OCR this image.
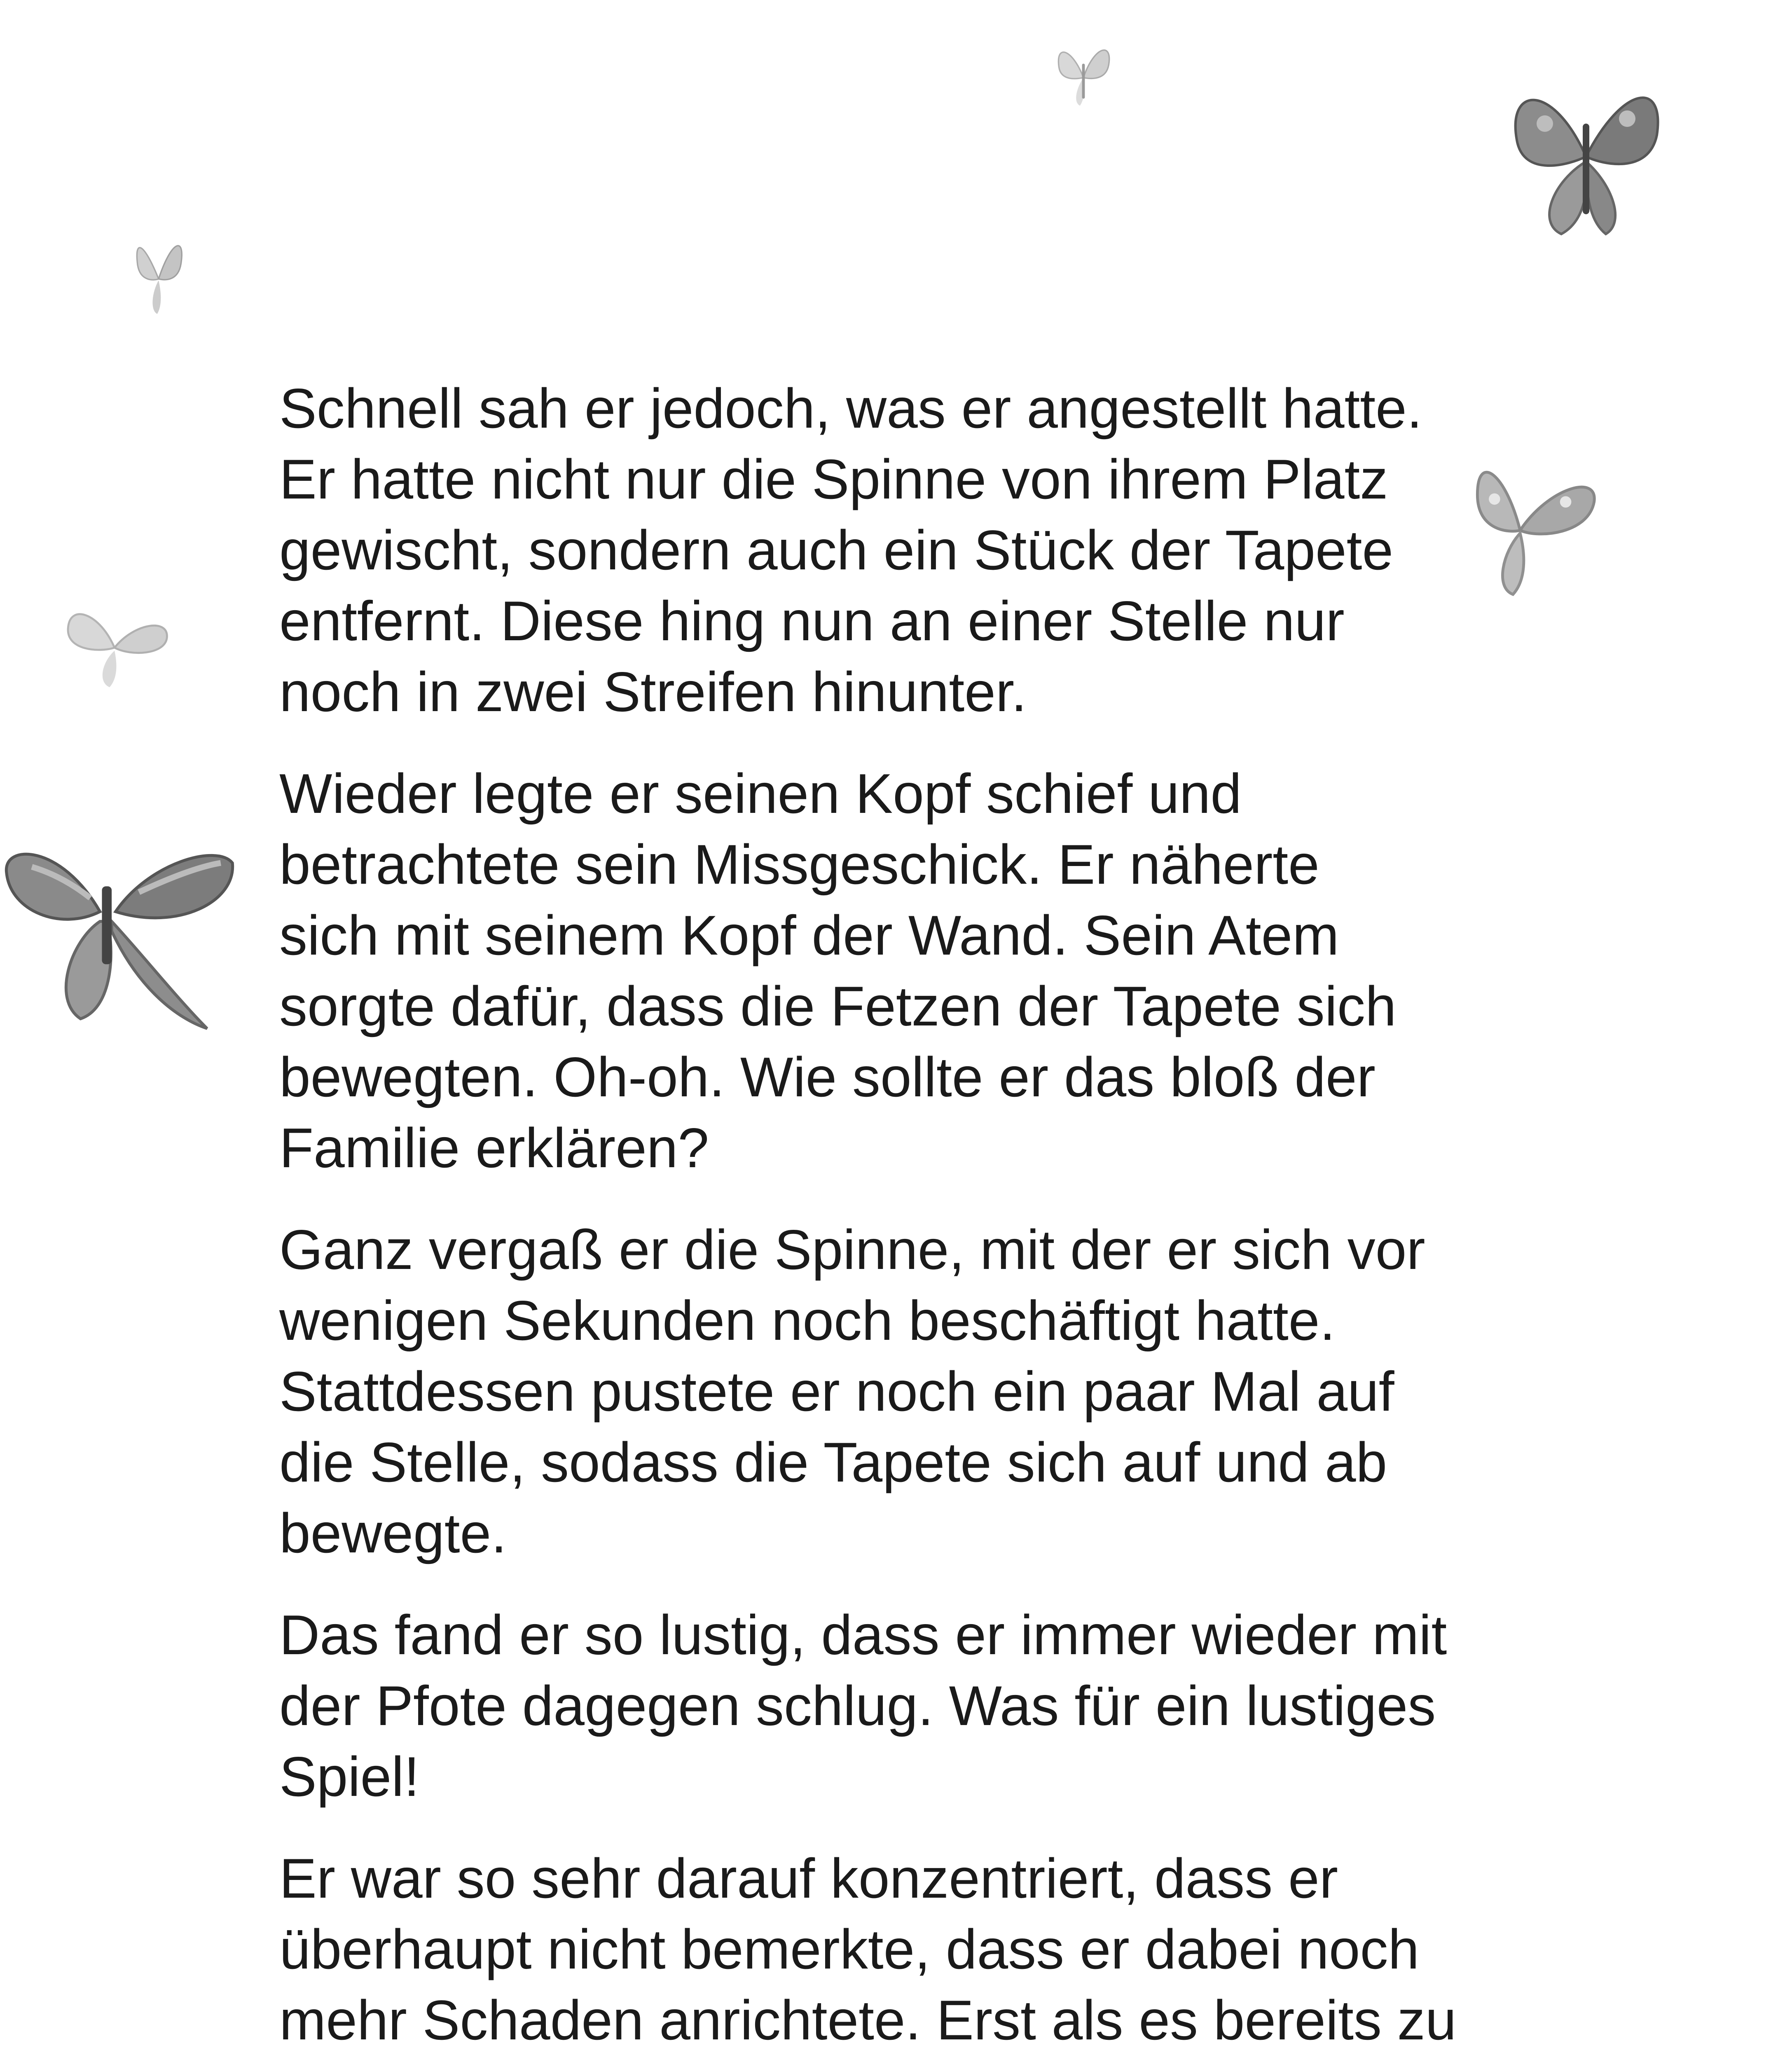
Schnell sah er jedoch, was er angestellt hatte.
Er hatte nicht nur die Spinne von ihrem Platz
gewischt, sondern auch ein Stück der Tapete
entfernt. Diese hing nun an einer Stelle nur
noch in zwei Streifen hinunter.

Wieder legte er seinen Kopf schief und
betrachtete sein Missgeschick. Er näherte
sich mit seinem Kopf der Wand. Sein Atem
sorgte dafür, dass die Fetzen der Tapete sich
bewegten. Oh-oh. Wie sollte er das bloß der
Familie erklären?

Ganz vergaß er die Spinne, mit der er sich vor
wenigen Sekunden noch beschäftigt hatte.
Stattdessen pustete er noch ein paar Mal auf
die Stelle, sodass die Tapete sich auf und ab
bewegte.

Das fand er so lustig, dass er immer wieder mit
der Pfote dagegen schlug. Was für ein lustiges
Spiel!

Er war so sehr darauf konzentriert, dass er
überhaupt nicht bemerkte, dass er dabei noch
mehr Schaden anrichtete. Erst als es bereits zu
